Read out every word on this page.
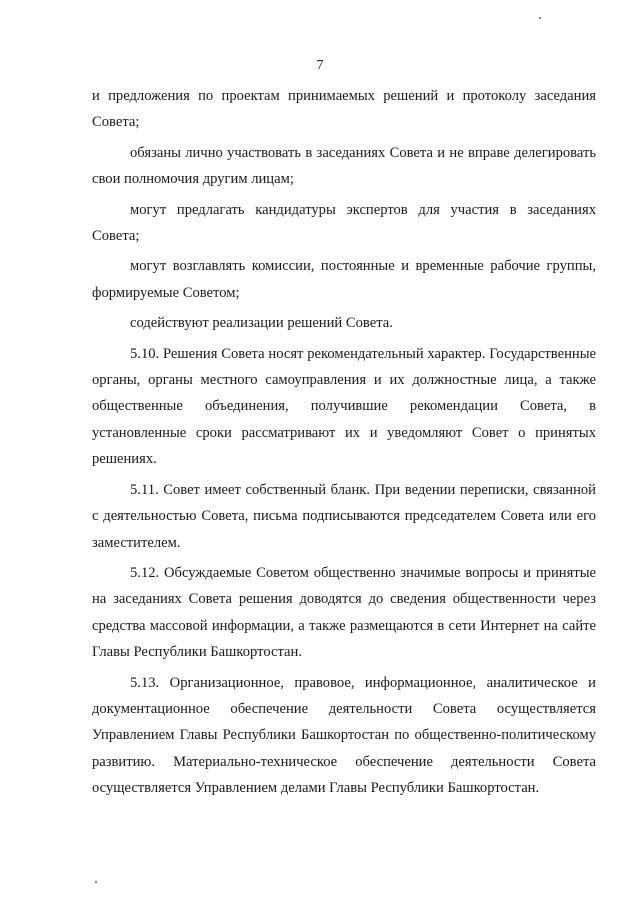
7

и предложения по проектам принимаемых решений и протоколу заседания Совета;

обязаны лично участвовать в заседаниях Совета и не вправе делегировать свои полномочия другим лицам;

могут предлагать кандидатуры экспертов для участия в заседаниях Совета;

могут возглавлять комиссии, постоянные и временные рабочие группы, формируемые Советом;

содействуют реализации решений Совета.

5.10. Решения Совета носят рекомендательный характер. Государственные органы, органы местного самоуправления и их должностные лица, а также общественные объединения, получившие рекомендации Совета, в установленные сроки рассматривают их и уведомляют Совет о принятых решениях.

5.11. Совет имеет собственный бланк. При ведении переписки, связанной с деятельностью Совета, письма подписываются председателем Совета или его заместителем.

5.12. Обсуждаемые Советом общественно значимые вопросы и принятые на заседаниях Совета решения доводятся до сведения общественности через средства массовой информации, а также размещаются в сети Интернет на сайте Главы Республики Башкортостан.

5.13. Организационное, правовое, информационное, аналитическое и документационное обеспечение деятельности Совета осуществляется Управлением Главы Республики Башкортостан по общественно-политическому развитию. Материально-техническое обеспечение деятельности Совета осуществляется Управлением делами Главы Республики Башкортостан.
